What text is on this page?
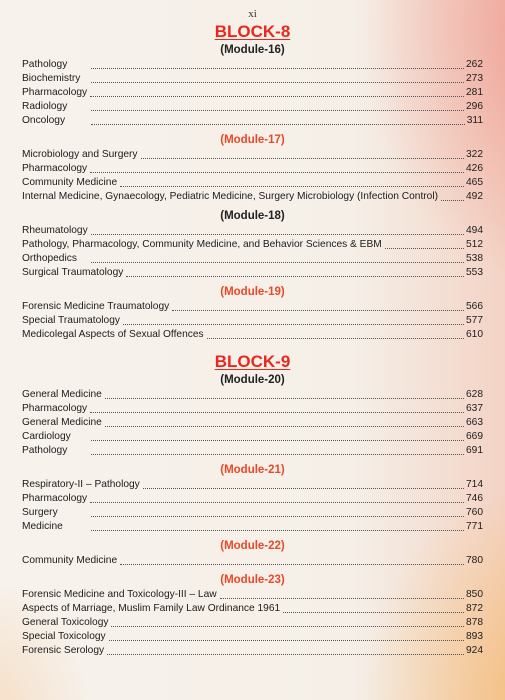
xi
BLOCK-8
(Module-16)
Pathology	262
Biochemistry	273
Pharmacology	281
Radiology	296
Oncology	311
(Module-17)
Microbiology and Surgery	322
Pharmacology	426
Community Medicine	465
Internal Medicine, Gynaecology, Pediatric Medicine, Surgery Microbiology (Infection Control)	492
(Module-18)
Rheumatology	494
Pathology, Pharmacology, Community Medicine, and Behavior Sciences & EBM	512
Orthopedics	538
Surgical Traumatology	553
(Module-19)
Forensic Medicine Traumatology	566
Special Traumatology	577
Medicolegal Aspects of Sexual Offences	610
BLOCK-9
(Module-20)
General Medicine	628
Pharmacology	637
General Medicine	663
Cardiology	669
Pathology	691
(Module-21)
Respiratory-II – Pathology	714
Pharmacology	746
Surgery	760
Medicine	771
(Module-22)
Community Medicine	780
(Module-23)
Forensic Medicine and Toxicology-III – Law	850
Aspects of Marriage, Muslim Family Law Ordinance 1961	872
General Toxicology	878
Special Toxicology	893
Forensic Serology	924
